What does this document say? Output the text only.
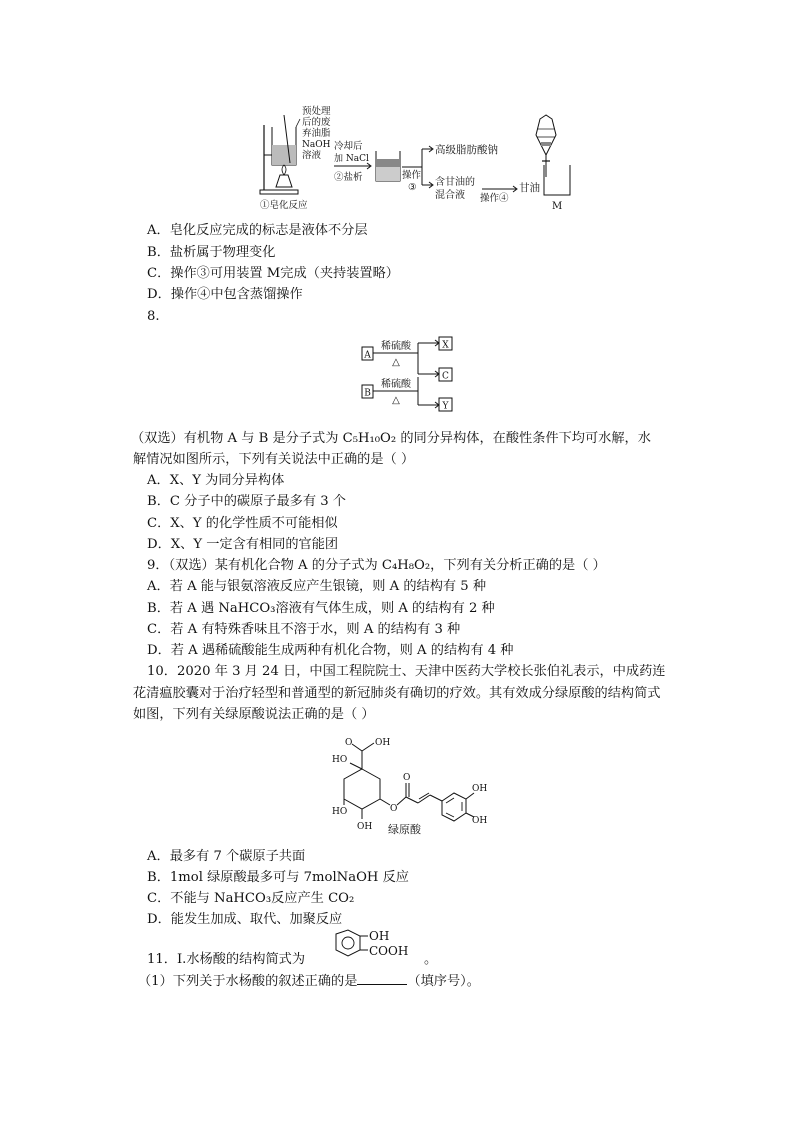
预处理
后的废
弃油脂
NaOH
溶液
①皂化反应
冷却后
加 NaCl
②盐析	操作
③
高级脂肪酸钠
含甘油的
混合液 操作④
甘油
M
A．皂化反应完成的标志是液体不分层
B．盐析属于物理变化
C．操作③可用装置 M完成（夹持装置略）
D．操作④中包含蒸馏操作
8.
A
稀硫酸
△
X
C
B
稀硫酸
△
Y
（双选）有机物 A 与 B 是分子式为 C₅H₁₀O₂ 的同分异构体，在酸性条件下均可水解，水
解情况如图所示，下列有关说法中正确的是（ ）
A．X、Y 为同分异构体
B．C 分子中的碳原子最多有 3 个
C．X、Y 的化学性质不可能相似
D．X、Y 一定含有相同的官能团
9．（双选）某有机化合物 A 的分子式为 C₄H₈O₂，下列有关分析正确的是（ ）
A．若 A 能与银氨溶液反应产生银镜，则 A 的结构有 5 种
B．若 A 遇 NaHCO₃溶液有气体生成，则 A 的结构有 2 种
C．若 A 有特殊香味且不溶于水，则 A 的结构有 3 种
D．若 A 遇稀硫酸能生成两种有机化合物，则 A 的结构有 4 种
10．2020 年 3 月 24 日，中国工程院院士、天津中医药大学校长张伯礼表示，中成药连
花清瘟胶囊对于治疗轻型和普通型的新冠肺炎有确切的疗效。其有效成分绿原酸的结构简式
如图，下列有关绿原酸说法正确的是（ ）
O	OH
HO
HO
OH
O
O
OH
OH
绿原酸
A．最多有 7 个碳原子共面
B．1mol 绿原酸最多可与 7molNaOH 反应
C．不能与 NaHCO₃反应产生 CO₂
D．能发生加成、取代、加聚反应
11．Ⅰ.水杨酸的结构简式为
OH
COOH
。
（1）下列关于水杨酸的叙述正确的是	（填序号）。
